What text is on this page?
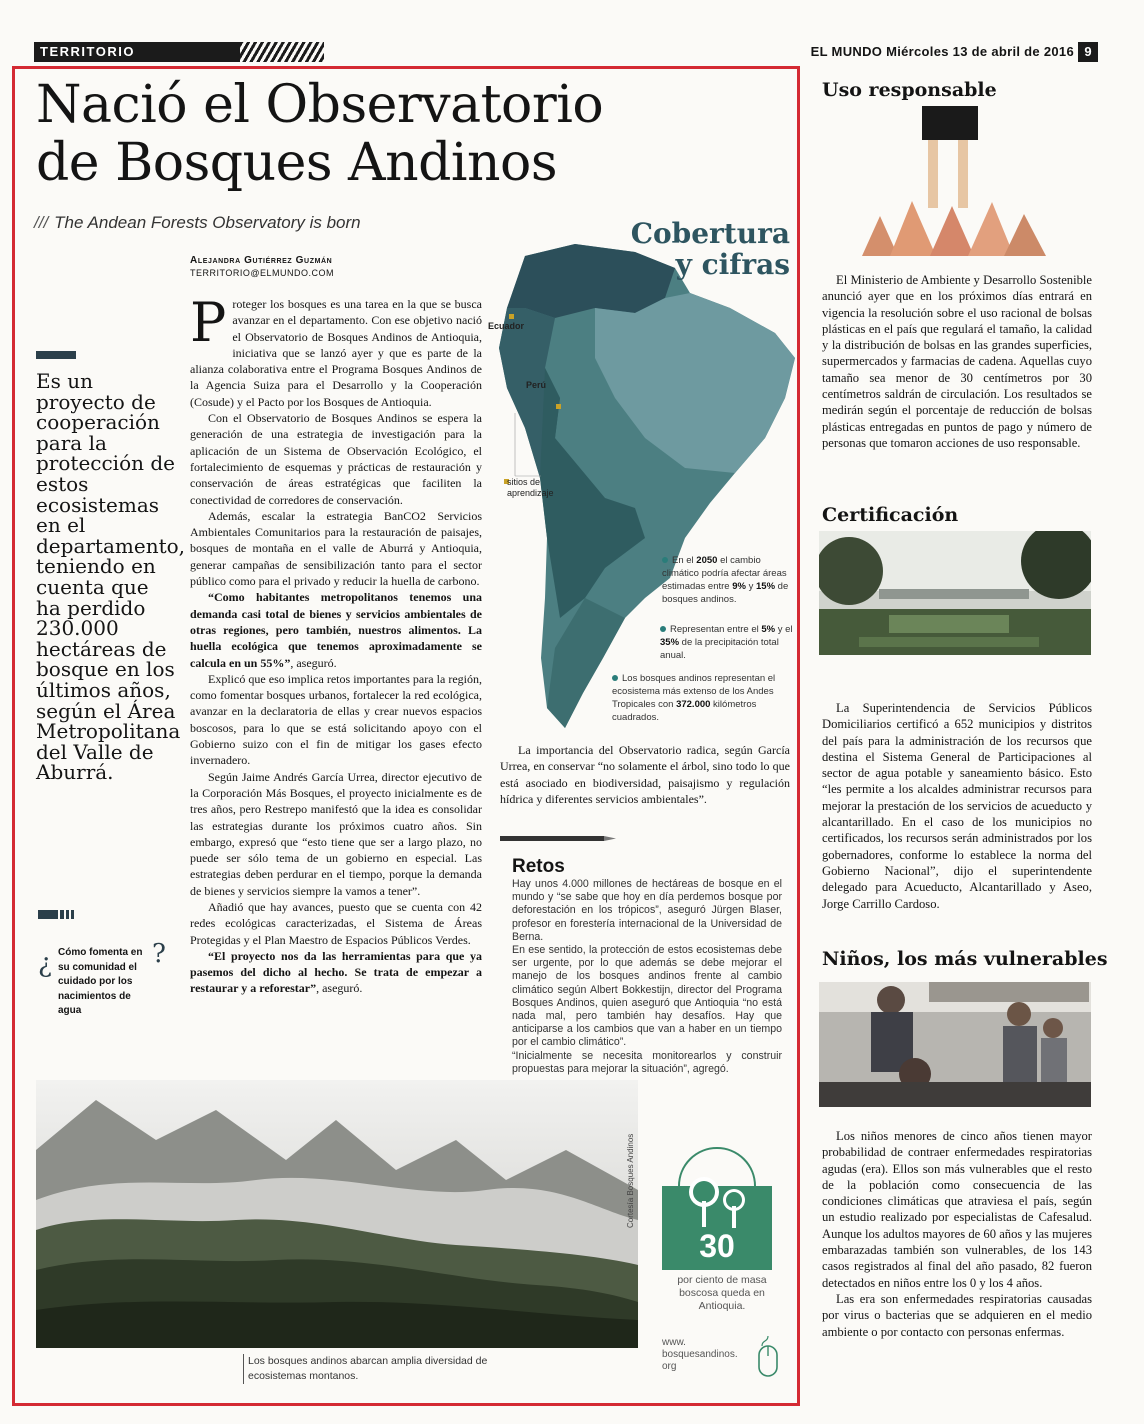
TERRITORIO	EL MUNDO Miércoles 13 de abril de 2016 9
Nació el Observatorio
de Bosques Andinos
/// The Andean Forests Observatory is born
Alejandra Gutiérrez Guzmán
TERRITORIO@ELMUNDO.COM
Es un proyecto de cooperación para la protección de estos ecosistemas en el departamento, teniendo en cuenta que ha perdido 230.000 hectáreas de bosque en los últimos años, según el Área Metropolitana del Valle de Aburrá.
¿	?
Cómo fomenta en su comunidad el cuidado por los nacimientos de agua

Proteger los bosques es una tarea en la que se busca avanzar en el departamento. Con ese objetivo nació el Observatorio de Bosques Andinos de Antioquia, iniciativa que se lanzó ayer y que es parte de la alianza colaborativa entre el Programa Bosques Andinos de la Agencia Suiza para el Desarrollo y la Cooperación (Cosude) y el Pacto por los Bosques de Antioquia.

Con el Observatorio de Bosques Andinos se espera la generación de una estrategia de investigación para la aplicación de un Sistema de Observación Ecológico, el fortalecimiento de esquemas y prácticas de restauración y conservación de áreas estratégicas que faciliten la conectividad de corredores de conservación.

Además, escalar la estrategia BanCO2 Servicios Ambientales Comunitarios para la restauración de paisajes, bosques de montaña en el valle de Aburrá y Antioquia, generar campañas de sensibilización tanto para el sector público como para el privado y reducir la huella de carbono.

“Como habitantes metropolitanos tenemos una demanda casi total de bienes y servicios ambientales de otras regiones, pero también, nuestros alimentos. La huella ecológica que tenemos aproximadamente se calcula en un 55%”, aseguró.

Explicó que eso implica retos importantes para la región, como fomentar bosques urbanos, fortalecer la red ecológica, avanzar en la declaratoria de ellas y crear nuevos espacios boscosos, para lo que se está solicitando apoyo con el Gobierno suizo con el fin de mitigar los gases efecto invernadero.

Según Jaime Andrés García Urrea, director ejecutivo de la Corporación Más Bosques, el proyecto inicialmente es de tres años, pero Restrepo manifestó que la idea es consolidar las estrategias durante los próximos cuatro años. Sin embargo, expresó que “esto tiene que ser a largo plazo, no puede ser sólo tema de un gobierno en especial. Las estrategias deben perdurar en el tiempo, porque la demanda de bienes y servicios siempre la vamos a tener”.

Añadió que hay avances, puesto que se cuenta con 42 redes ecológicas caracterizadas, el Sistema de Áreas Protegidas y el Plan Maestro de Espacios Públicos Verdes.

“El proyecto nos da las herramientas para que ya pasemos del dicho al hecho. Se trata de empezar a restaurar y a reforestar”, aseguró.

Cobertura
y cifras
Ecuador
Perú
sitios de aprendizaje
En el 2050 el cambio climático podría afectar áreas estimadas entre 9% y 15% de bosques andinos.
Representan entre el 5% y el 35% de la precipitación total anual.
Los bosques andinos representan el ecosistema más extenso de los Andes Tropicales con 372.000 kilómetros cuadrados.

La importancia del Observatorio radica, según García Urrea, en conservar “no solamente el árbol, sino todo lo que está asociado en biodiversidad, paisajismo y regulación hídrica y diferentes servicios ambientales”.

Retos

Hay unos 4.000 millones de hectáreas de bosque en el mundo y “se sabe que hoy en día perdemos bosque por deforestación en los trópicos”, aseguró Jürgen Blaser, profesor en forestería internacional de la Universidad de Berna.

En ese sentido, la protección de estos ecosistemas debe ser urgente, por lo que además se debe mejorar el manejo de los bosques andinos frente al cambio climático según Albert Bokkestijn, director del Programa Bosques Andinos, quien aseguró que Antioquia “no está nada mal, pero también hay desafíos. Hay que anticiparse a los cambios que van a haber en un tiempo por el cambio climático”.

“Inicialmente se necesita monitorearlos y construir propuestas para mejorar la situación”, agregó.

Cortesía Bosques Andinos
Los bosques andinos abarcan amplia diversidad de ecosistemas montanos.
30
por ciento de masa boscosa queda en Antioquia.
www.
bosquesandinos.
org
Uso responsable

El Ministerio de Ambiente y Desarrollo Sostenible anunció ayer que en los próximos días entrará en vigencia la resolución sobre el uso racional de bolsas plásticas en el país que regulará el tamaño, la calidad y la distribución de bolsas en las grandes superficies, supermercados y farmacias de cadena. Aquellas cuyo tamaño sea menor de 30 centímetros por 30 centímetros saldrán de circulación. Los resultados se medirán según el porcentaje de reducción de bolsas plásticas entregadas en puntos de pago y número de personas que tomaron acciones de uso responsable.

Certificación

La Superintendencia de Servicios Públicos Domiciliarios certificó a 652 municipios y distritos del país para la administración de los recursos que destina el Sistema General de Participaciones al sector de agua potable y saneamiento básico. Esto “les permite a los alcaldes administrar recursos para mejorar la prestación de los servicios de acueducto y alcantarillado. En el caso de los municipios no certificados, los recursos serán administrados por los gobernadores, conforme lo establece la norma del Gobierno Nacional”, dijo el superintendente delegado para Acueducto, Alcantarillado y Aseo, Jorge Carrillo Cardoso.

Niños, los más vulnerables

Los niños menores de cinco años tienen mayor probabilidad de contraer enfermedades respiratorias agudas (era). Ellos son más vulnerables que el resto de la población como consecuencia de las condiciones climáticas que atraviesa el país, según un estudio realizado por especialistas de Cafesalud. Aunque los adultos mayores de 60 años y las mujeres embarazadas también son vulnerables, de los 143 casos registrados al final del año pasado, 82 fueron detectados en niños entre los 0 y los 4 años.

Las era son enfermedades respiratorias causadas por virus o bacterias que se adquieren en el medio ambiente o por contacto con personas enfermas.
